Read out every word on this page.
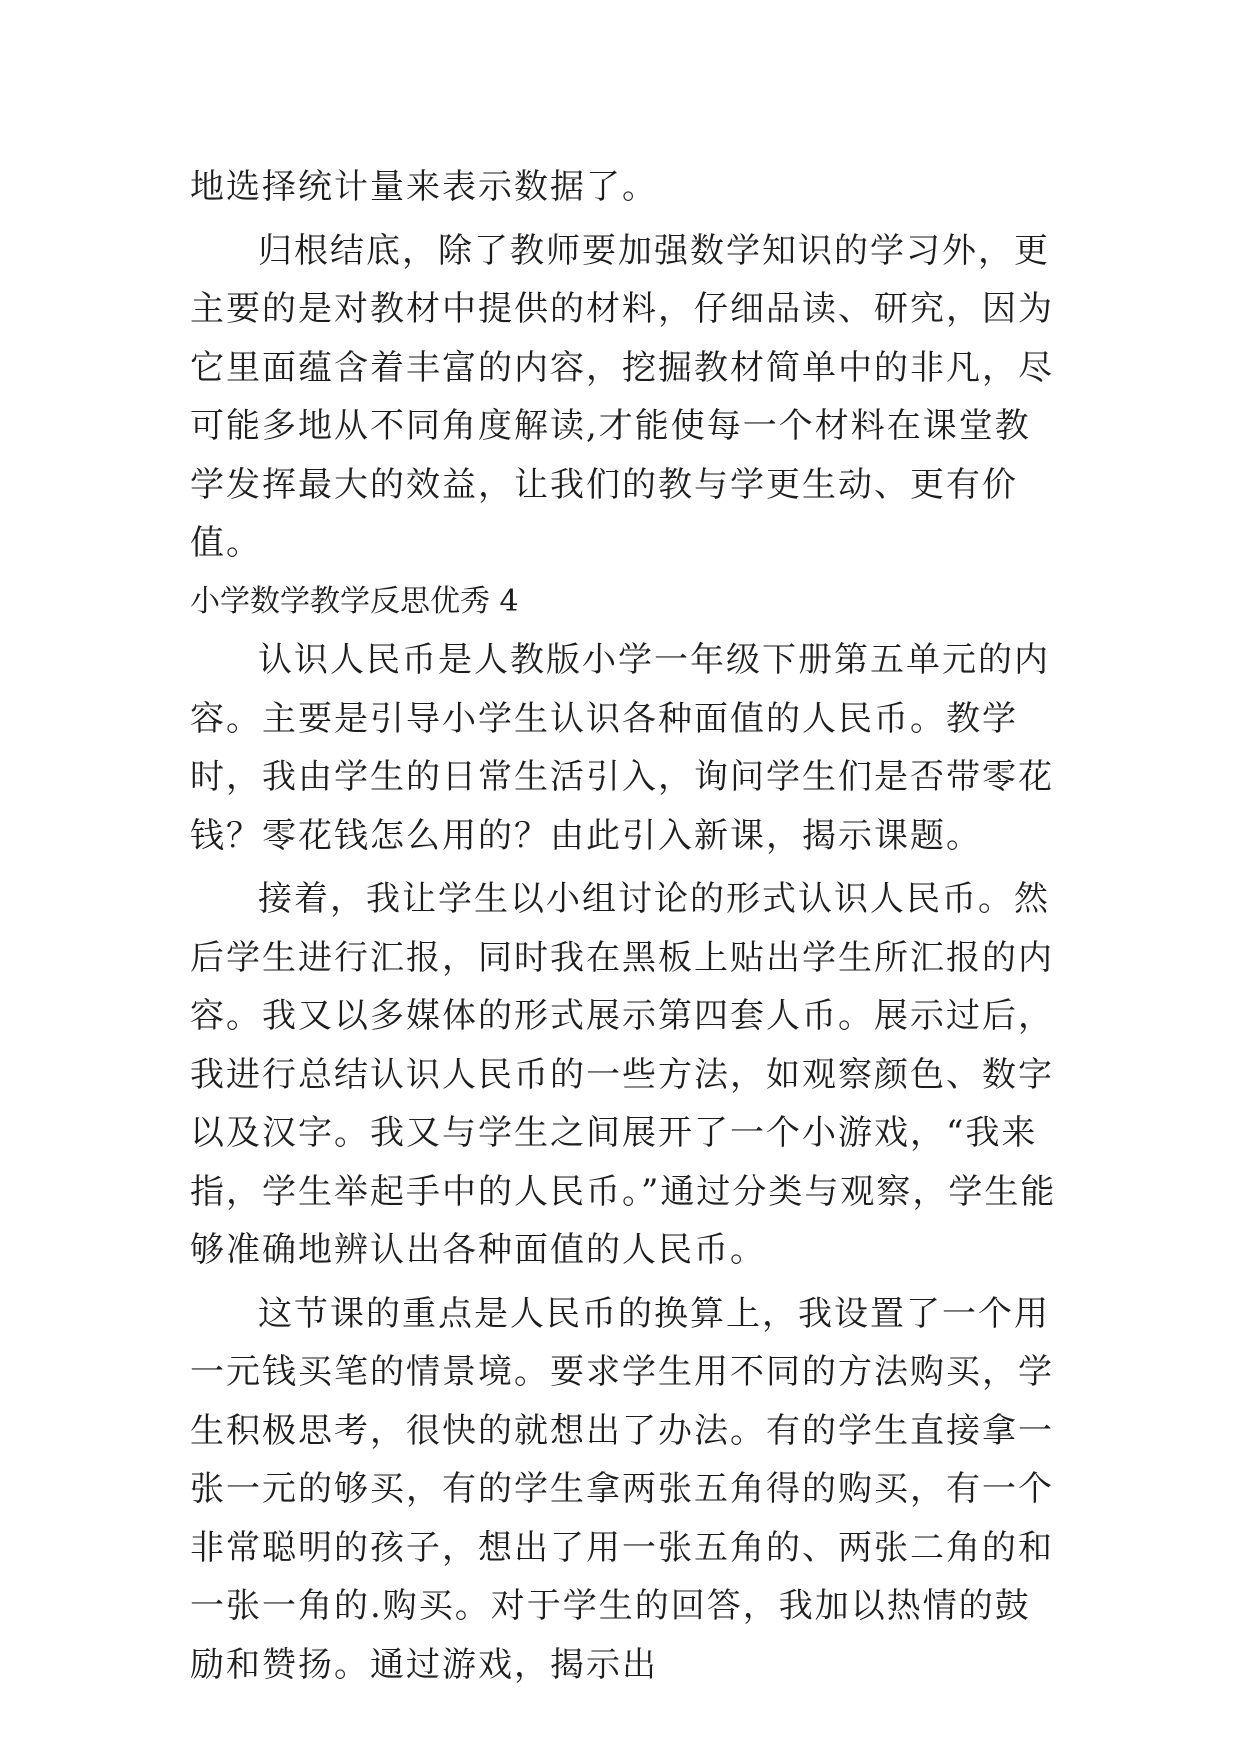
地选择统计量来表示数据了。

归根结底，除了教师要加强数学知识的学习外，更主要的是对教材中提供的材料，仔细品读、研究，因为它里面蕴含着丰富的内容，挖掘教材简单中的非凡，尽可能多地从不同角度解读,才能使每一个材料在课堂教学发挥最大的效益，让我们的教与学更生动、更有价值。

小学数学教学反思优秀 4

认识人民币是人教版小学一年级下册第五单元的内容。主要是引导小学生认识各种面值的人民币。教学时，我由学生的日常生活引入，询问学生们是否带零花钱？零花钱怎么用的？由此引入新课，揭示课题。

接着，我让学生以小组讨论的形式认识人民币。然后学生进行汇报，同时我在黑板上贴出学生所汇报的内容。我又以多媒体的形式展示第四套人币。展示过后，我进行总结认识人民币的一些方法，如观察颜色、数字以及汉字。我又与学生之间展开了一个小游戏，“我来指，学生举起手中的人民币。”通过分类与观察，学生能够准确地辨认出各种面值的人民币。

这节课的重点是人民币的换算上，我设置了一个用一元钱买笔的情景境。要求学生用不同的方法购买，学生积极思考，很快的就想出了办法。有的学生直接拿一张一元的够买，有的学生拿两张五角得的购买，有一个非常聪明的孩子，想出了用一张五角的、两张二角的和一张一角的.购买。对于学生的回答，我加以热情的鼓励和赞扬。通过游戏，揭示出
